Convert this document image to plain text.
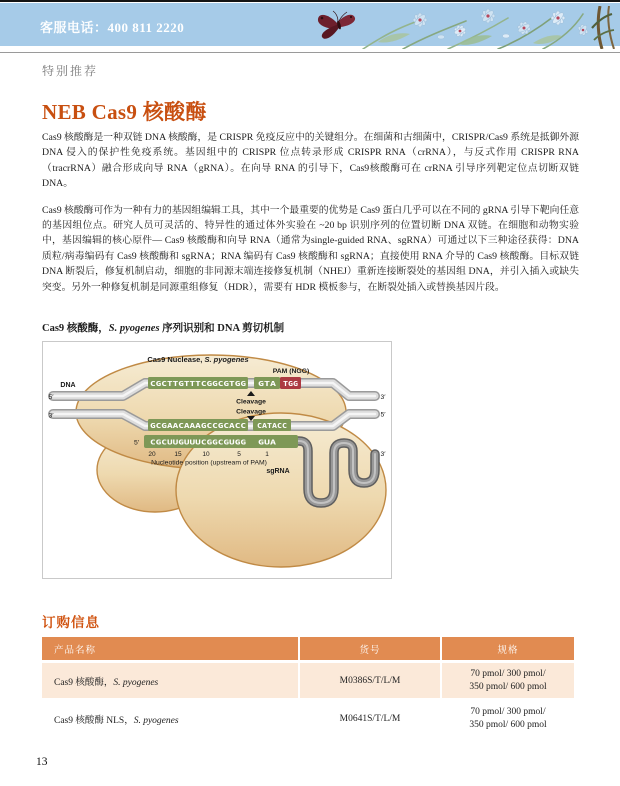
客服电话：400 811 2220
特别推荐
NEB Cas9 核酸酶

Cas9 核酸酶是一种双链 DNA 核酸酶，是 CRISPR 免疫反应中的关键组分。在细菌和古细菌中，CRISPR/Cas9 系统是抵御外源 DNA 侵入的保护性免疫系统。基因组中的 CRISPR 位点转录形成 CRISPR RNA（crRNA），与反式作用 CRISPR RNA（tracrRNA）融合形成向导 RNA（gRNA）。在向导 RNA 的引导下，Cas9核酸酶可在 crRNA 引导序列靶定位点切断双链 DNA。

Cas9 核酸酶可作为一种有力的基因组编辑工具，其中一个最重要的优势是 Cas9 蛋白几乎可以在不同的 gRNA 引导下靶向任意的基因组位点。研究人员可灵活的、特异性的通过体外实验在 ~20 bp 识别序列的位置切断 DNA 双链。在细胞和动物实验中，基因编辑的核心原件— Cas9 核酸酶和向导 RNA（通常为single-guided RNA、sgRNA）可通过以下三种途径获得：DNA 质粒/病毒编码有 Cas9 核酸酶和 sgRNA；RNA 编码有 Cas9 核酸酶和 sgRNA；直接使用 RNA 介导的 Cas9 核酸酶。目标双链 DNA 断裂后，修复机制启动，细胞的非同源末端连接修复机制（NHEJ）重新连接断裂处的基因组 DNA，并引入插入或缺失突变。另外一种修复机制是同源重组修复（HDR），需要有 HDR 模板参与，在断裂处插入或替换基因片段。

Cas9 核酸酶，S. pyogenes 序列识别和 DNA 剪切机制
CGCTTGTTTCGGCGTGG GTA TGG
GCGAACAAAGCCGCACC CATACC
CGCUUGUUUCGGCGUGG GUA
Cas9 Nuclease, S. pyogenes
PAM (NGG)
DNA
5′
3′
3′
5′
5′
3′
Cleavage
Cleavage
sgRNA
20	15	10	5	1
Nucleotide position (upstream of PAM)
订购信息
产品名称	货号	规格
Cas9 核酸酶，S. pyogenes	M0386S/T/L/M	70 pmol/ 300 pmol/
350 pmol/ 600 pmol

Cas9 核酸酶 NLS，S. pyogenes	M0641S/T/L/M	70 pmol/ 300 pmol/
350 pmol/ 600 pmol
13
